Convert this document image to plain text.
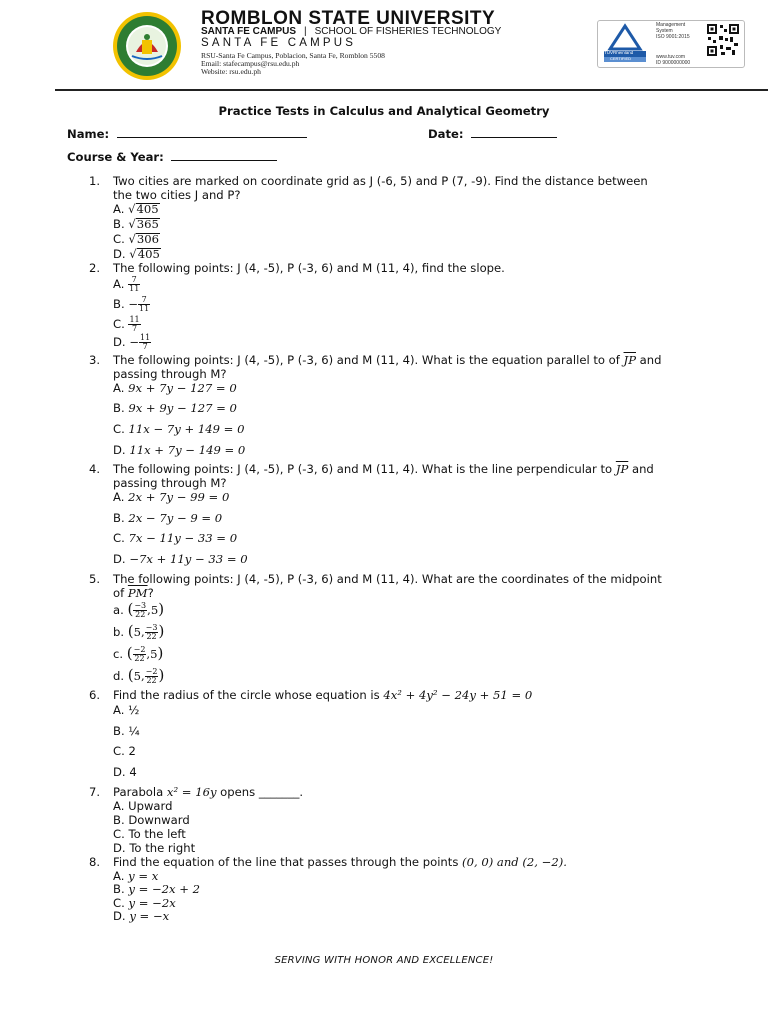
ROMBLON STATE UNIVERSITY
SANTA FE CAMPUS | SCHOOL OF FISHERIES TECHNOLOGY
SANTA FE CAMPUS
RSU-Santa Fe Campus, Poblacion, Santa Fe, Romblon 5508
Email: stafecampus@rsu.edu.ph
Website: rsu.edu.ph
TÜVRheinland
CERTIFIED
Management
System
ISO 9001:2015
www.tuv.com
ID 9000000000
Practice Tests in Calculus and Analytical Geometry
Name:	Date:
Course & Year:
1. Two cities are marked on coordinate grid as J (-6, 5) and P (7, -9). Find the distance between
the two cities J and P?
A. √405
B. √365
C. √306
D. √405
2. The following points: J (4, -5), P (-3, 6) and M (11, 4), find the slope.
A. $\frac{7}{11}$
B. − $\frac{7}{11}$
C. $\frac{11}{7}$
D. − $\frac{11}{7}$
3. The following points: J (4, -5), P (-3, 6) and M (11, 4). What is the equation parallel to of $\overline{JP}$ and
passing through M?
A. 9x + 7y − 127 = 0
B. 9x + 9y − 127 = 0
C. 11x − 7y + 149 = 0
D. 11x + 7y − 149 = 0
4. The following points: J (4, -5), P (-3, 6) and M (11, 4). What is the line perpendicular to $\overline{JP}$ and
passing through M?
A. 2x + 7y − 99 = 0
B. 2x − 7y − 9 = 0
C. 7x − 11y − 33 = 0
D. −7x + 11y − 33 = 0
5. The following points: J (4, -5), P (-3, 6) and M (11, 4). What are the coordinates of the midpoint
of $\overline{PM}$?
a. ( $\frac{-3}{22} ,5$)
b. (5, $\frac{-3}{22}$ )
c. ( $\frac{-2}{22} ,5$)
d. (5, $\frac{-2}{22}$ )
6. Find the radius of the circle whose equation is 4x² + 4y² − 24y + 51 = 0
A. ½
B. ¼
C. 2
D. 4
7. Parabola x² = 16y opens _______.
A. Upward
B. Downward
C. To the left
D. To the right
8. Find the equation of the line that passes through the points (0, 0) and (2, −2).
A. y = x
B. y = −2x + 2
C. y = −2x
D. y = −x
SERVING WITH HONOR AND EXCELLENCE!
